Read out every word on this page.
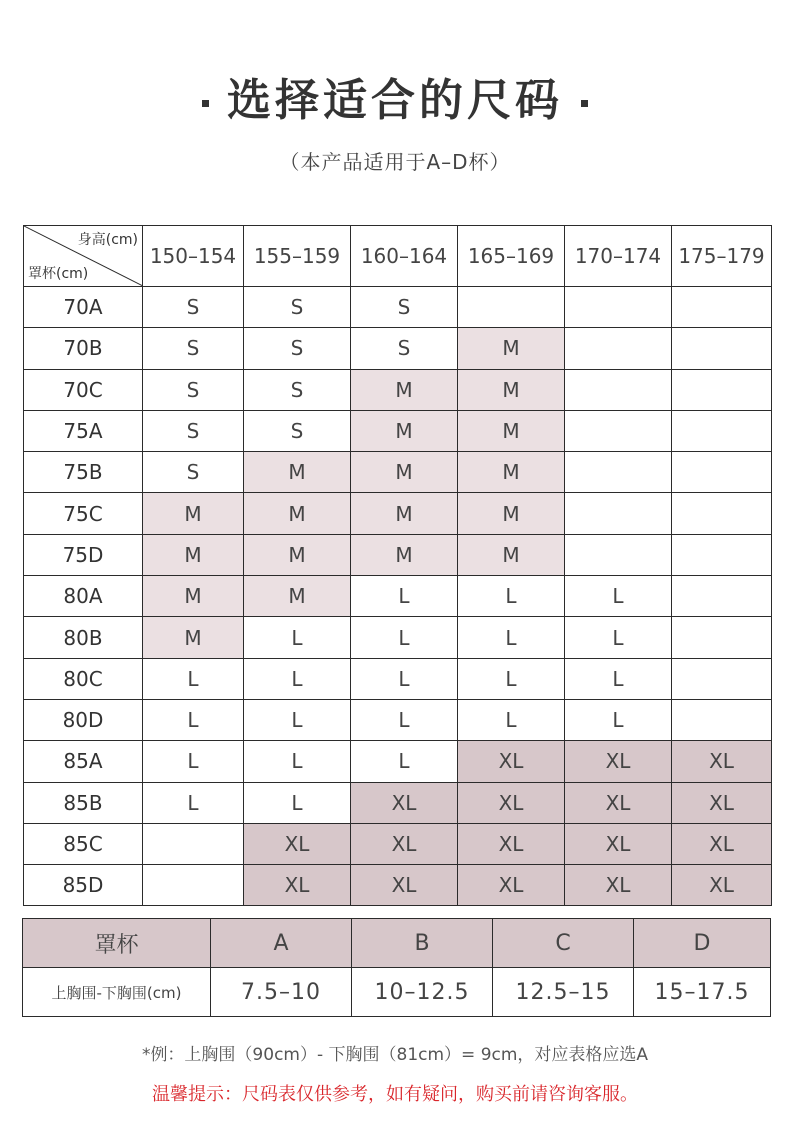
选择适合的尺码
（本产品适用于A–D杯）
身高(cm)
罩杯(cm)	150–154	155–159	160–164	165–169	170–174	175–179
70A	S	S	S			
70B	S	S	S	M		
70C	S	S	M	M		
75A	S	S	M	M		
75B	S	M	M	M		
75C	M	M	M	M		
75D	M	M	M	M		
80A	M	M	L	L	L	
80B	M	L	L	L	L	
80C	L	L	L	L	L	
80D	L	L	L	L	L	
85A	L	L	L	XL	XL	XL
85B	L	L	XL	XL	XL	XL
85C		XL	XL	XL	XL	XL
85D		XL	XL	XL	XL	XL
罩杯	A	B	C	D
上胸围-下胸围(cm)	7.5–10	10–12.5	12.5–15	15–17.5
*例：上胸围（90cm）- 下胸围（81cm）= 9cm，对应表格应选A
温馨提示：尺码表仅供参考，如有疑问，购买前请咨询客服。
